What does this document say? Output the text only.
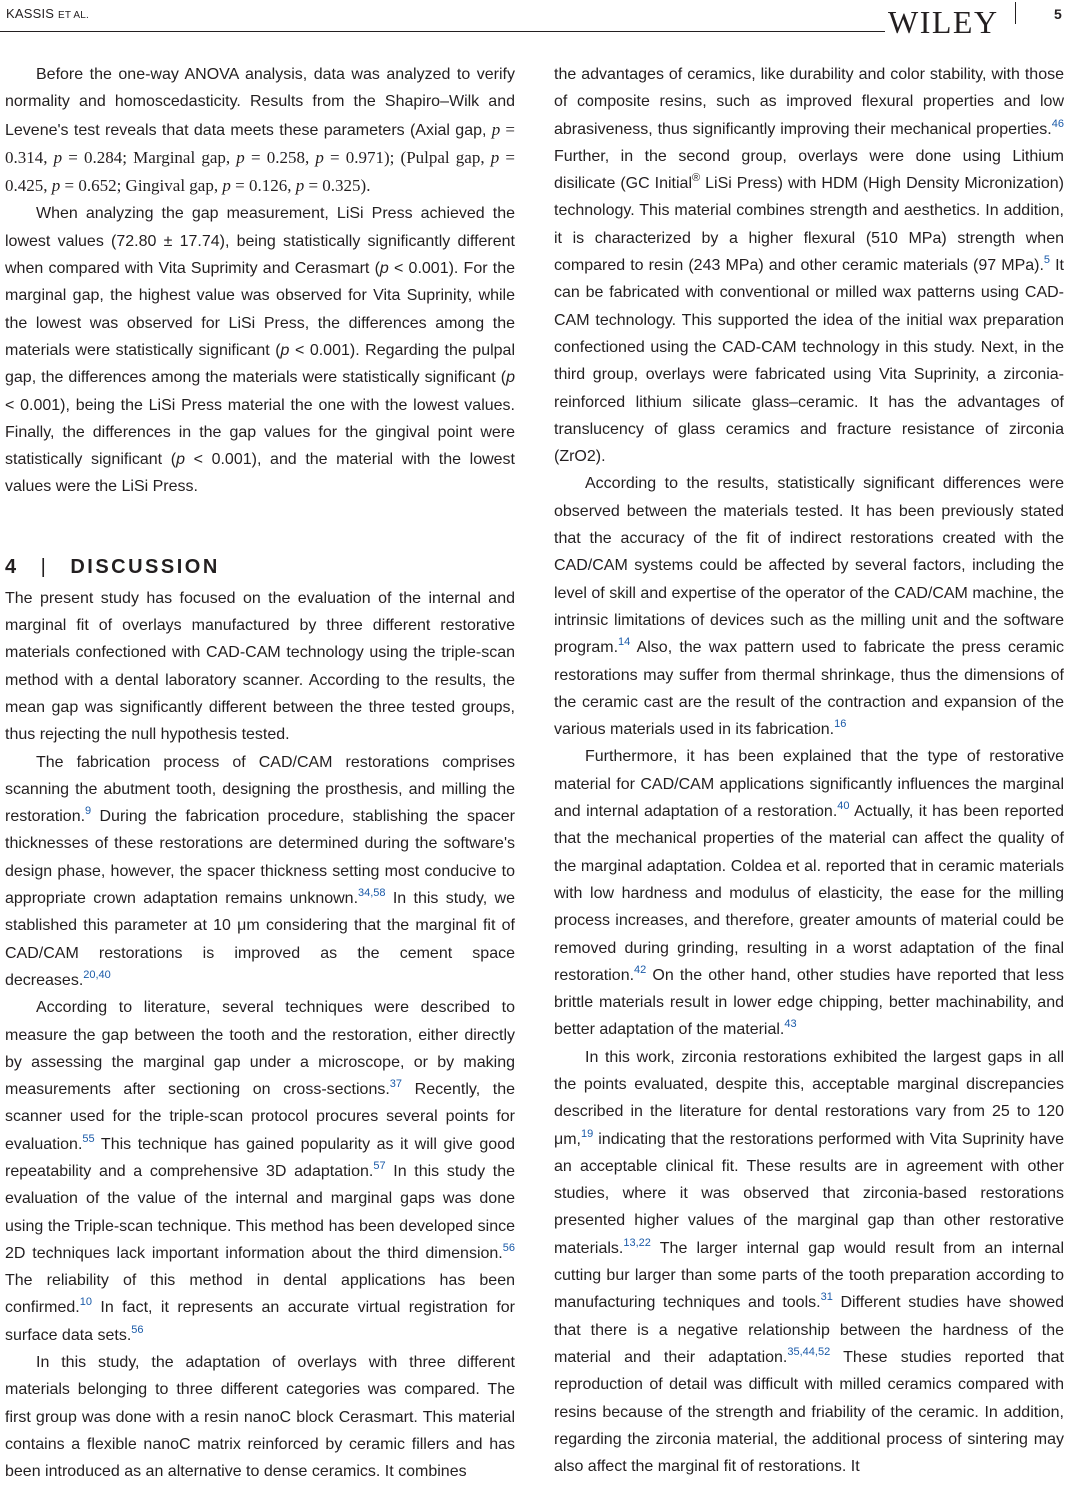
KASSIS ET AL.	WILEY	5

Before the one-way ANOVA analysis, data was analyzed to verify normality and homoscedasticity. Results from the Shapiro–Wilk and Levene's test reveals that data meets these parameters (Axial gap, p = 0.314, p = 0.284; Marginal gap, p = 0.258, p = 0.971); (Pulpal gap, p = 0.425, p = 0.652; Gingival gap, p = 0.126, p = 0.325).

When analyzing the gap measurement, LiSi Press achieved the lowest values (72.80 ± 17.74), being statistically significantly different when compared with Vita Suprimity and Cerasmart (p < 0.001). For the marginal gap, the highest value was observed for Vita Suprinity, while the lowest was observed for LiSi Press, the differences among the materials were statistically significant (p < 0.001). Regarding the pulpal gap, the differences among the materials were statistically significant (p < 0.001), being the LiSi Press material the one with the lowest values. Finally, the differences in the gap values for the gingival point were statistically significant (p < 0.001), and the material with the lowest values were the LiSi Press.

4 | DISCUSSION

The present study has focused on the evaluation of the internal and marginal fit of overlays manufactured by three different restorative materials confectioned with CAD-CAM technology using the triple-scan method with a dental laboratory scanner. According to the results, the mean gap was significantly different between the three tested groups, thus rejecting the null hypothesis tested.

The fabrication process of CAD/CAM restorations comprises scanning the abutment tooth, designing the prosthesis, and milling the restoration.$^9$ During the fabrication procedure, stablishing the spacer thicknesses of these restorations are determined during the software's design phase, however, the spacer thickness setting most conducive to appropriate crown adaptation remains unknown.$^{34,58}$ In this study, we stablished this parameter at 10 μm considering that the marginal fit of CAD/CAM restorations is improved as the cement space decreases.$^{20,40}$

According to literature, several techniques were described to measure the gap between the tooth and the restoration, either directly by assessing the marginal gap under a microscope, or by making measurements after sectioning on cross-sections.$^{37}$ Recently, the scanner used for the triple-scan protocol procures several points for evaluation.$^{55}$ This technique has gained popularity as it will give good repeatability and a comprehensive 3D adaptation.$^{57}$ In this study the evaluation of the value of the internal and marginal gaps was done using the Triple-scan technique. This method has been developed since 2D techniques lack important information about the third dimension.$^{56}$ The reliability of this method in dental applications has been confirmed.$^{10}$ In fact, it represents an accurate virtual registration for surface data sets.$^{56}$

In this study, the adaptation of overlays with three different materials belonging to three different categories was compared. The first group was done with a resin nanoC block Cerasmart. This material contains a flexible nanoC matrix reinforced by ceramic fillers and has been introduced as an alternative to dense ceramics. It combines

the advantages of ceramics, like durability and color stability, with those of composite resins, such as improved flexural properties and low abrasiveness, thus significantly improving their mechanical properties.$^{46}$ Further, in the second group, overlays were done using Lithium disilicate (GC Initial® LiSi Press) with HDM (High Density Micronization) technology. This material combines strength and aesthetics. In addition, it is characterized by a higher flexural (510 MPa) strength when compared to resin (243 MPa) and other ceramic materials (97 MPa).$^5$ It can be fabricated with conventional or milled wax patterns using CAD-CAM technology. This supported the idea of the initial wax preparation confectioned using the CAD-CAM technology in this study. Next, in the third group, overlays were fabricated using Vita Suprinity, a zirconia-reinforced lithium silicate glass–ceramic. It has the advantages of translucency of glass ceramics and fracture resistance of zirconia (ZrO2).

According to the results, statistically significant differences were observed between the materials tested. It has been previously stated that the accuracy of the fit of indirect restorations created with the CAD/CAM systems could be affected by several factors, including the level of skill and expertise of the operator of the CAD/CAM machine, the intrinsic limitations of devices such as the milling unit and the software program.$^{14}$ Also, the wax pattern used to fabricate the press ceramic restorations may suffer from thermal shrinkage, thus the dimensions of the ceramic cast are the result of the contraction and expansion of the various materials used in its fabrication.$^{16}$

Furthermore, it has been explained that the type of restorative material for CAD/CAM applications significantly influences the marginal and internal adaptation of a restoration.$^{40}$ Actually, it has been reported that the mechanical properties of the material can affect the quality of the marginal adaptation. Coldea et al. reported that in ceramic materials with low hardness and modulus of elasticity, the ease for the milling process increases, and therefore, greater amounts of material could be removed during grinding, resulting in a worst adaptation of the final restoration.$^{42}$ On the other hand, other studies have reported that less brittle materials result in lower edge chipping, better machinability, and better adaptation of the material.$^{43}$

In this work, zirconia restorations exhibited the largest gaps in all the points evaluated, despite this, acceptable marginal discrepancies described in the literature for dental restorations vary from 25 to 120 μm,$^{19}$ indicating that the restorations performed with Vita Suprinity have an acceptable clinical fit. These results are in agreement with other studies, where it was observed that zirconia-based restorations presented higher values of the marginal gap than other restorative materials.$^{13,22}$ The larger internal gap would result from an internal cutting bur larger than some parts of the tooth preparation according to manufacturing techniques and tools.$^{31}$ Different studies have showed that there is a negative relationship between the hardness of the material and their adaptation.$^{35,44,52}$ These studies reported that reproduction of detail was difficult with milled ceramics compared with resins because of the strength and friability of the ceramic. In addition, regarding the zirconia material, the additional process of sintering may also affect the marginal fit of restorations. It
